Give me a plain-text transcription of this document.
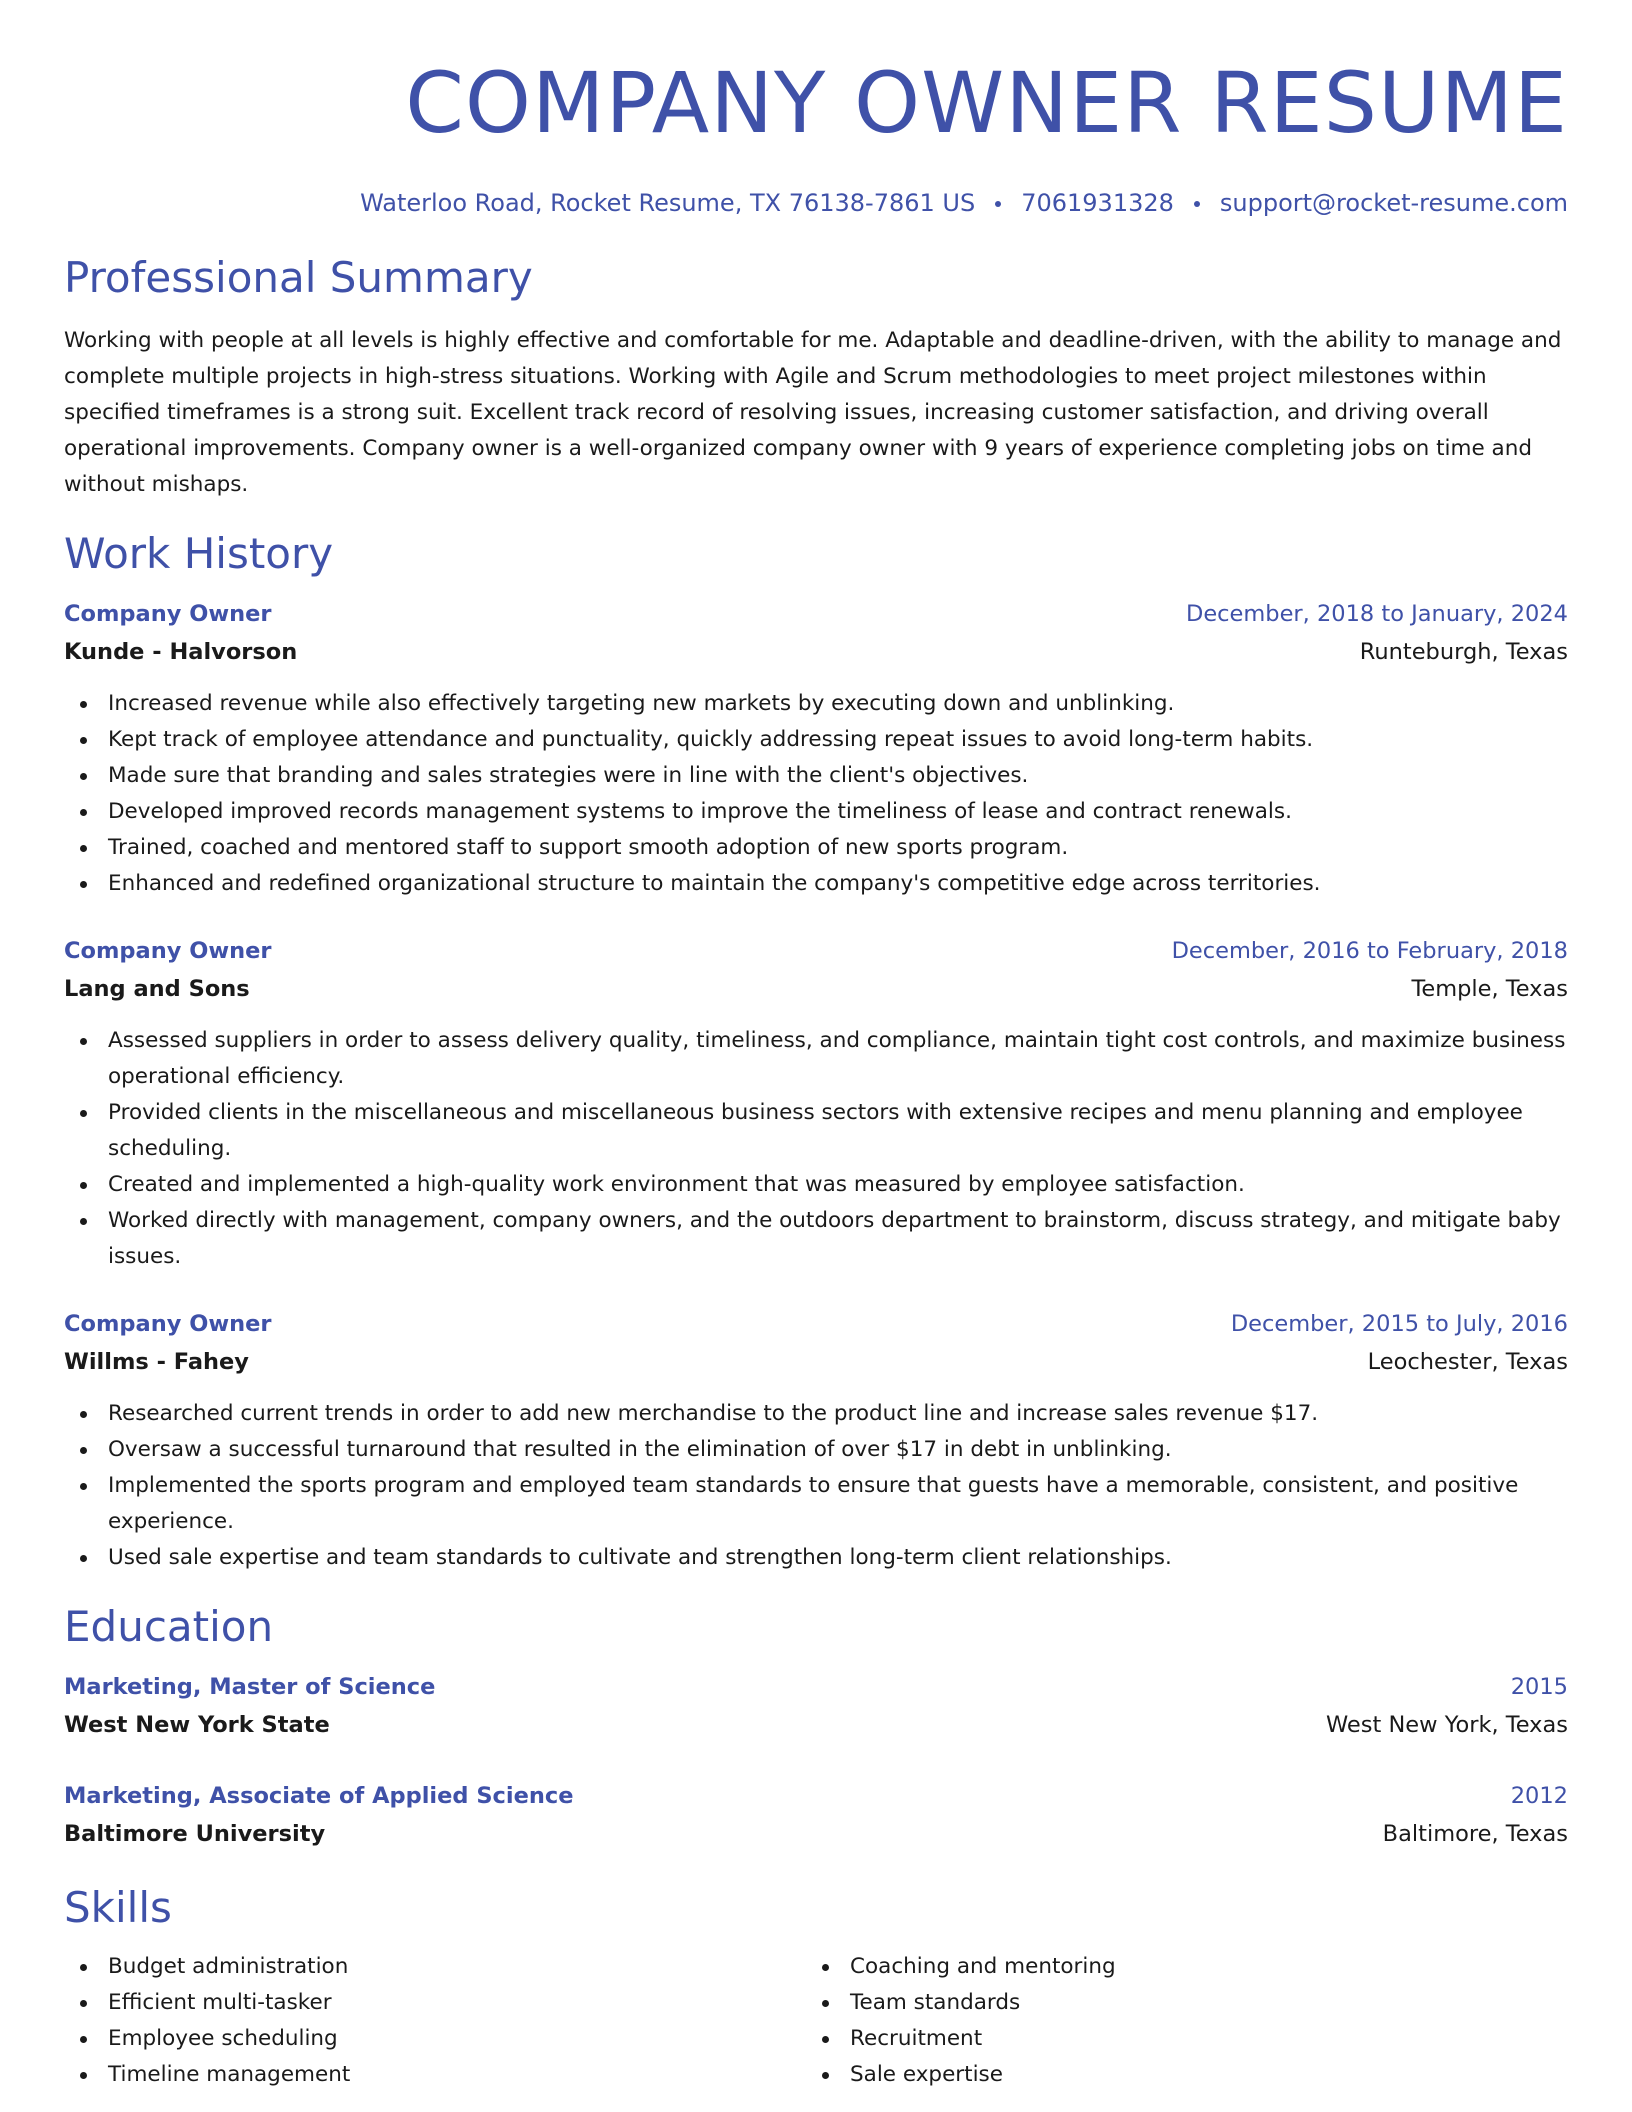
COMPANY OWNER RESUME
Waterloo Road, Rocket Resume, TX 76138-7861 US 7061931328 support@rocket-resume.com
Professional Summary

Working with people at all levels is highly effective and comfortable for me. Adaptable and deadline-driven, with the ability to manage and complete multiple projects in high-stress situations. Working with Agile and Scrum methodologies to meet project milestones within specified timeframes is a strong suit. Excellent track record of resolving issues, increasing customer satisfaction, and driving overall operational improvements. Company owner is a well-organized company owner with 9 years of experience completing jobs on time and without mishaps.

Work History
Company Owner	December, 2018 to January, 2024
Kunde - Halvorson	Runteburgh, Texas
Increased revenue while also effectively targeting new markets by executing down and unblinking.
Kept track of employee attendance and punctuality, quickly addressing repeat issues to avoid long-term habits.
Made sure that branding and sales strategies were in line with the client's objectives.
Developed improved records management systems to improve the timeliness of lease and contract renewals.
Trained, coached and mentored staff to support smooth adoption of new sports program.
Enhanced and redefined organizational structure to maintain the company's competitive edge across territories.
Company Owner	December, 2016 to February, 2018
Lang and Sons	Temple, Texas
Assessed suppliers in order to assess delivery quality, timeliness, and compliance, maintain tight cost controls, and maximize business operational efficiency.
Provided clients in the miscellaneous and miscellaneous business sectors with extensive recipes and menu planning and employee scheduling.
Created and implemented a high-quality work environment that was measured by employee satisfaction.
Worked directly with management, company owners, and the outdoors department to brainstorm, discuss strategy, and mitigate baby issues.
Company Owner	December, 2015 to July, 2016
Willms - Fahey	Leochester, Texas
Researched current trends in order to add new merchandise to the product line and increase sales revenue $17.
Oversaw a successful turnaround that resulted in the elimination of over $17 in debt in unblinking.
Implemented the sports program and employed team standards to ensure that guests have a memorable, consistent, and positive experience.
Used sale expertise and team standards to cultivate and strengthen long-term client relationships.
Education
Marketing, Master of Science	2015
West New York State	West New York, Texas
Marketing, Associate of Applied Science	2012
Baltimore University	Baltimore, Texas
Skills
Budget administration
Efficient multi-tasker
Employee scheduling
Timeline management
Coaching and mentoring
Team standards
Recruitment
Sale expertise
